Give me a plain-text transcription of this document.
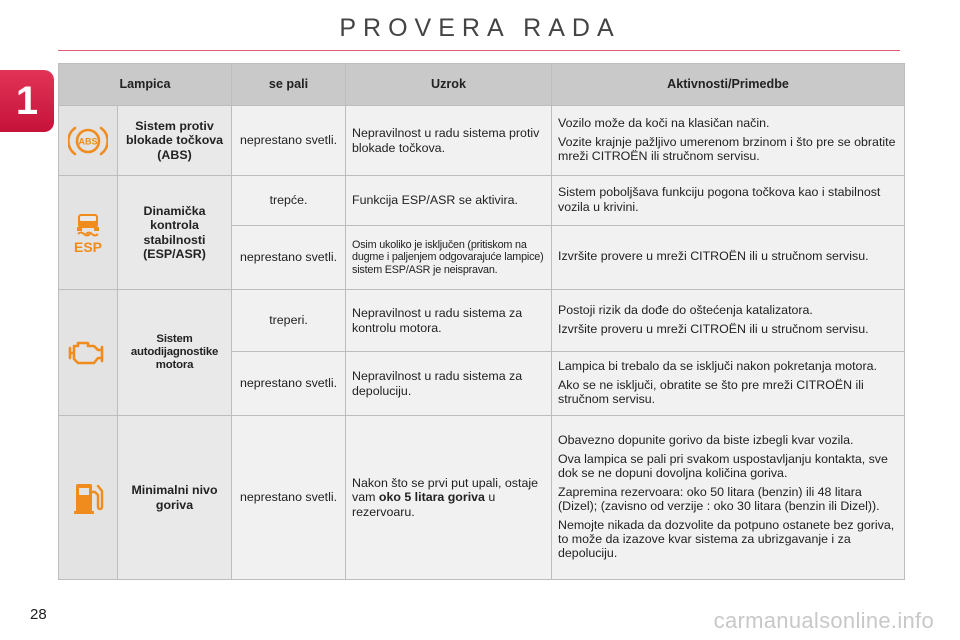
PROVERA RADA
1	Lampica		se pali	Uzrok	Aktivnosti/Primedbe

ABS	Sistem protiv blokade točkova (ABS)	neprestano svetli.	Nepravilnost u radu sistema protiv blokade točkova.	Vozilo može da koči na klasičan način.

Vozite krajnje pažljivo umerenom brzinom i što pre se obratite mreži CITROËN ili stručnom servisu.

ESP	Dinamička kontrola stabilnosti (ESP/ASR)	trepće.	Funkcija ESP/ASR se aktivira.	Sistem poboljšava funkciju pogona točkova kao i stabilnost vozila u krivini.
		neprestano svetli.	Osim ukoliko je isključen (pritiskom na dugme i paljenjem odgovarajuće lampice) sistem ESP/ASR je neispravan.	Izvršite provere u mreži CITROËN ili u stručnom servisu.

	Sistem autodijagnostike motora	treperi.	Nepravilnost u radu sistema za kontrolu motora.	Postoji rizik da dođe do oštećenja katalizatora.

Izvršite proveru u mreži CITROËN ili u stručnom servisu.

		neprestano svetli.	Nepravilnost u radu sistema za depoluciju.	Lampica bi trebalo da se isključi nakon pokretanja motora.

Ako se ne isključi, obratite se što pre mreži CITROËN ili stručnom servisu.

	Minimalni nivo goriva	neprestano svetli.	Nakon što se prvi put upali, ostaje vam oko 5 litara goriva u rezervoaru.	Obavezno dopunite gorivo da biste izbegli kvar vozila.

Ova lampica se pali pri svakom uspostavljanju kontakta, sve dok se ne dopuni dovoljna količina goriva.

Zapremina rezervoara: oko 50 litara (benzin) ili 48 litara (Dizel); (zavisno od verzije : oko 30 litara (benzin ili Dizel)).

Nemojte nikada da dozvolite da potpuno ostanete bez goriva, to može da izazove kvar sistema za ubrizgavanje i za depoluciju.

28	carmanualsonline.info
